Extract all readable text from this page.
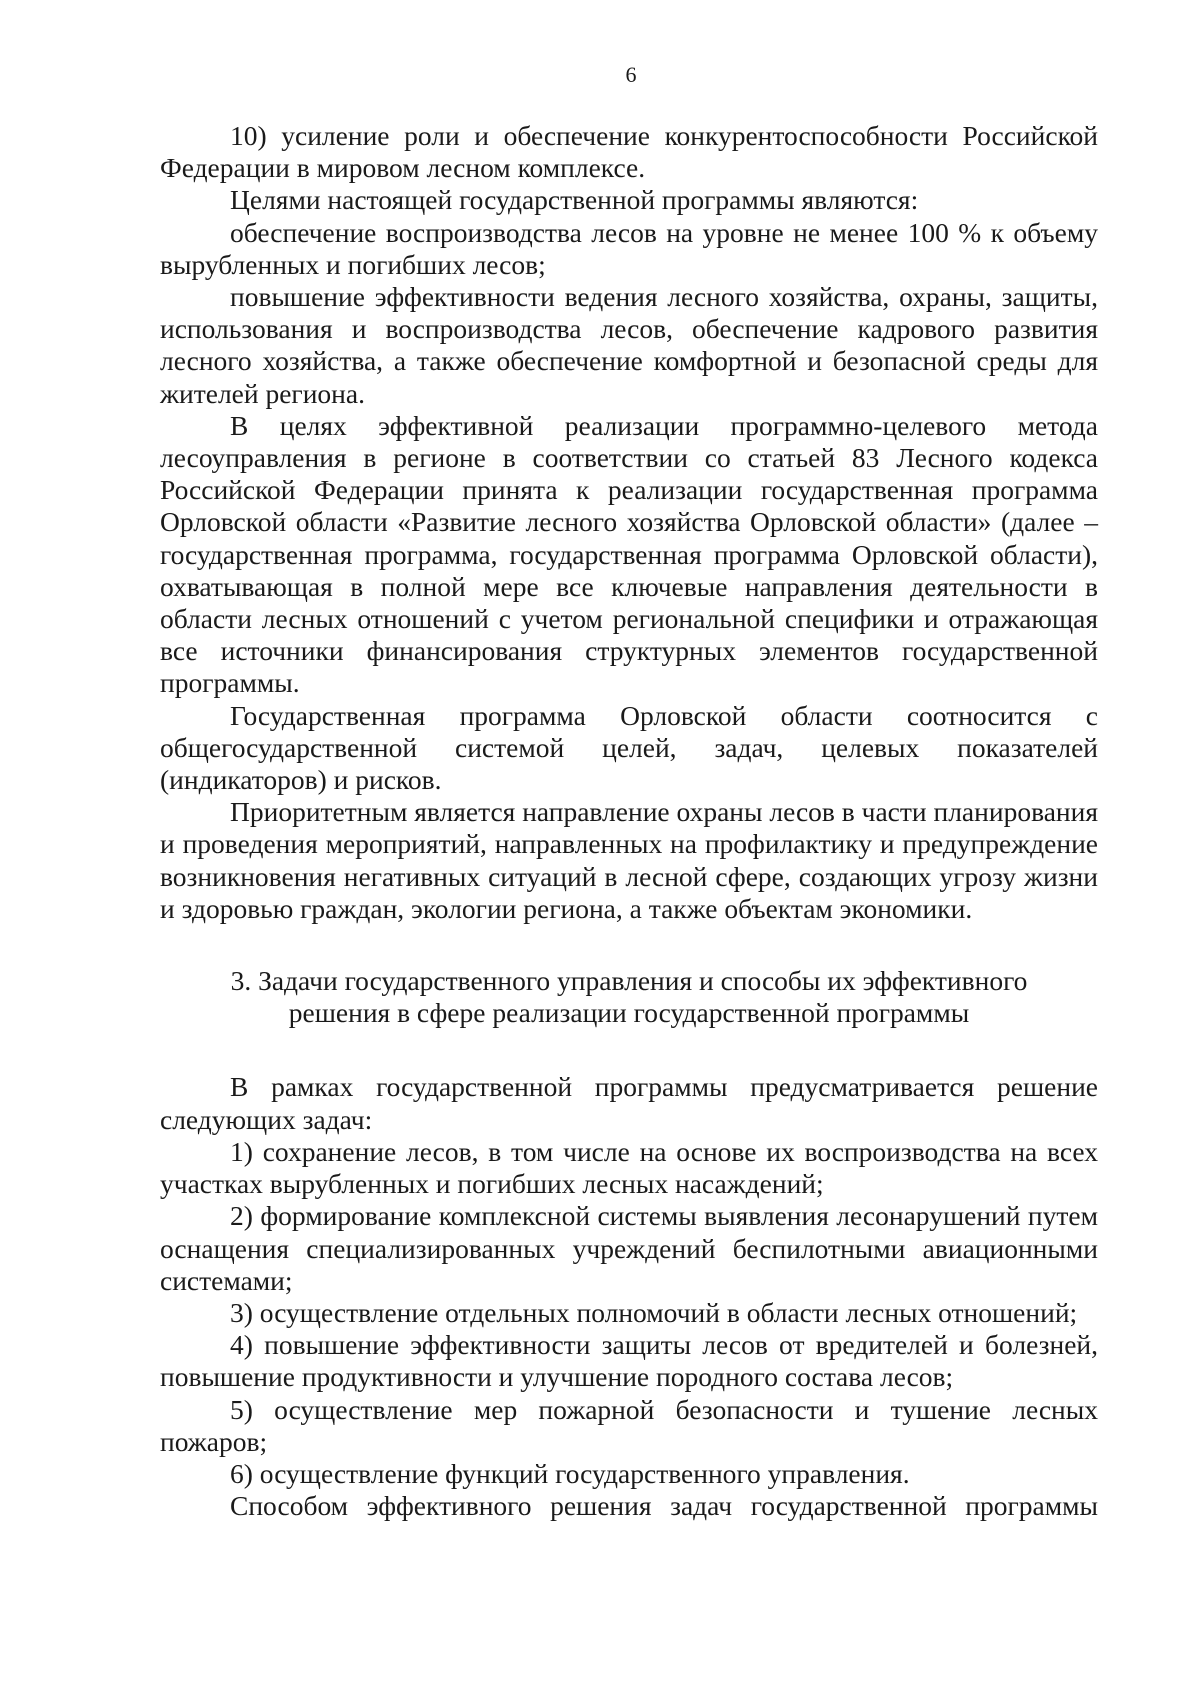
6

10) усиление роли и обеспечение конкурентоспособности Российской Федерации в мировом лесном комплексе.

Целями настоящей государственной программы являются:

обеспечение воспроизводства лесов на уровне не менее 100 % к объему вырубленных и погибших лесов;

повышение эффективности ведения лесного хозяйства, охраны, защиты, использования и воспроизводства лесов, обеспечение кадрового развития лесного хозяйства, а также обеспечение комфортной и безопасной среды для жителей региона.

В целях эффективной реализации программно-целевого метода лесоуправления в регионе в соответствии со статьей 83 Лесного кодекса Российской Федерации принята к реализации государственная программа Орловской области «Развитие лесного хозяйства Орловской области» (далее – государственная программа, государственная программа Орловской области), охватывающая в полной мере все ключевые направления деятельности в области лесных отношений с учетом региональной специфики и отражающая все источники финансирования структурных элементов государственной программы.

Государственная программа Орловской области соотносится с общегосударственной системой целей, задач, целевых показателей (индикаторов) и рисков.

Приоритетным является направление охраны лесов в части планирования и проведения мероприятий, направленных на профилактику и предупреждение возникновения негативных ситуаций в лесной сфере, создающих угрозу жизни и здоровью граждан, экологии региона, а также объектам экономики.

3. Задачи государственного управления и способы их эффективного
решения в сфере реализации государственной программы

В рамках государственной программы предусматривается решение следующих задач:

1) сохранение лесов, в том числе на основе их воспроизводства на всех участках вырубленных и погибших лесных насаждений;

2) формирование комплексной системы выявления лесонарушений путем оснащения специализированных учреждений беспилотными авиационными системами;

3) осуществление отдельных полномочий в области лесных отношений;

4) повышение эффективности защиты лесов от вредителей и болезней, повышение продуктивности и улучшение породного состава лесов;

5) осуществление мер пожарной безопасности и тушение лесных пожаров;

6) осуществление функций государственного управления.

Способом эффективного решения задач государственной программы
